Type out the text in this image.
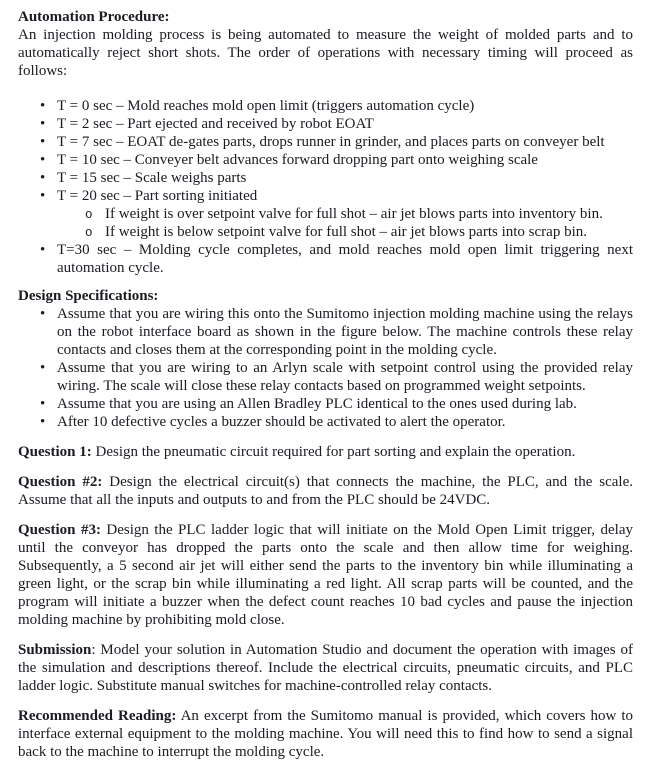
Automation Procedure:

An injection molding process is being automated to measure the weight of molded parts and to automatically reject short shots. The order of operations with necessary timing will proceed as follows:

• T = 0 sec – Mold reaches mold open limit (triggers automation cycle)
• T = 2 sec – Part ejected and received by robot EOAT
• T = 7 sec – EOAT de-gates parts, drops runner in grinder, and places parts on conveyer belt
• T = 10 sec – Conveyer belt advances forward dropping part onto weighing scale
• T = 15 sec – Scale weighs parts
• T = 20 sec – Part sorting initiated
o If weight is over setpoint valve for full shot – air jet blows parts into inventory bin.
o If weight is below setpoint valve for full shot – air jet blows parts into scrap bin.
• T=30 sec – Molding cycle completes, and mold reaches mold open limit triggering next automation cycle.

Design Specifications:

• Assume that you are wiring this onto the Sumitomo injection molding machine using the relays on the robot interface board as shown in the figure below. The machine controls these relay contacts and closes them at the corresponding point in the molding cycle.
• Assume that you are wiring to an Arlyn scale with setpoint control using the provided relay wiring. The scale will close these relay contacts based on programmed weight setpoints.
• Assume that you are using an Allen Bradley PLC identical to the ones used during lab.
• After 10 defective cycles a buzzer should be activated to alert the operator.

Question 1: Design the pneumatic circuit required for part sorting and explain the operation.

Question #2: Design the electrical circuit(s) that connects the machine, the PLC, and the scale. Assume that all the inputs and outputs to and from the PLC should be 24VDC.

Question #3: Design the PLC ladder logic that will initiate on the Mold Open Limit trigger, delay until the conveyor has dropped the parts onto the scale and then allow time for weighing. Subsequently, a 5 second air jet will either send the parts to the inventory bin while illuminating a green light, or the scrap bin while illuminating a red light. All scrap parts will be counted, and the program will initiate a buzzer when the defect count reaches 10 bad cycles and pause the injection molding machine by prohibiting mold close.

Submission: Model your solution in Automation Studio and document the operation with images of the simulation and descriptions thereof. Include the electrical circuits, pneumatic circuits, and PLC ladder logic. Substitute manual switches for machine-controlled relay contacts.

Recommended Reading: An excerpt from the Sumitomo manual is provided, which covers how to interface external equipment to the molding machine. You will need this to find how to send a signal back to the machine to interrupt the molding cycle.
